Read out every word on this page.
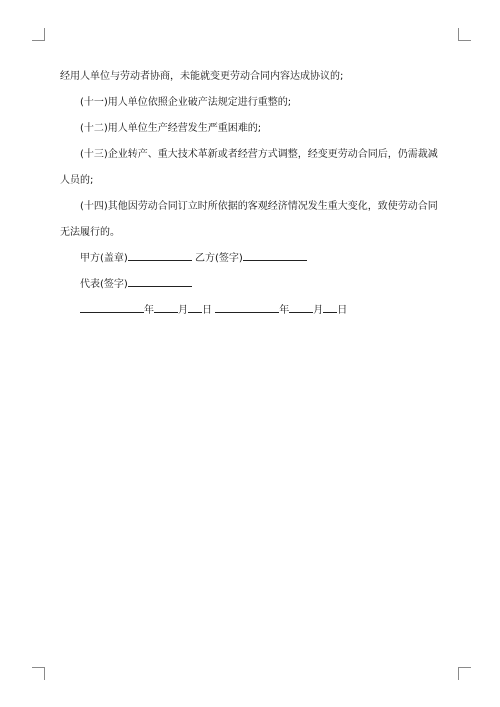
经用人单位与劳动者协商，未能就变更劳动合同内容达成协议的;

(十一)用人单位依照企业破产法规定进行重整的;

(十二)用人单位生产经营发生严重困难的;

(十三)企业转产、重大技术革新或者经营方式调整，经变更劳动合同后，仍需裁减人员的;

(十四)其他因劳动合同订立时所依据的客观经济情况发生重大变化，致使劳动合同无法履行的。

甲方(盖章)	乙方(签字)

代表(签字)

年 月 日	年 月 日
